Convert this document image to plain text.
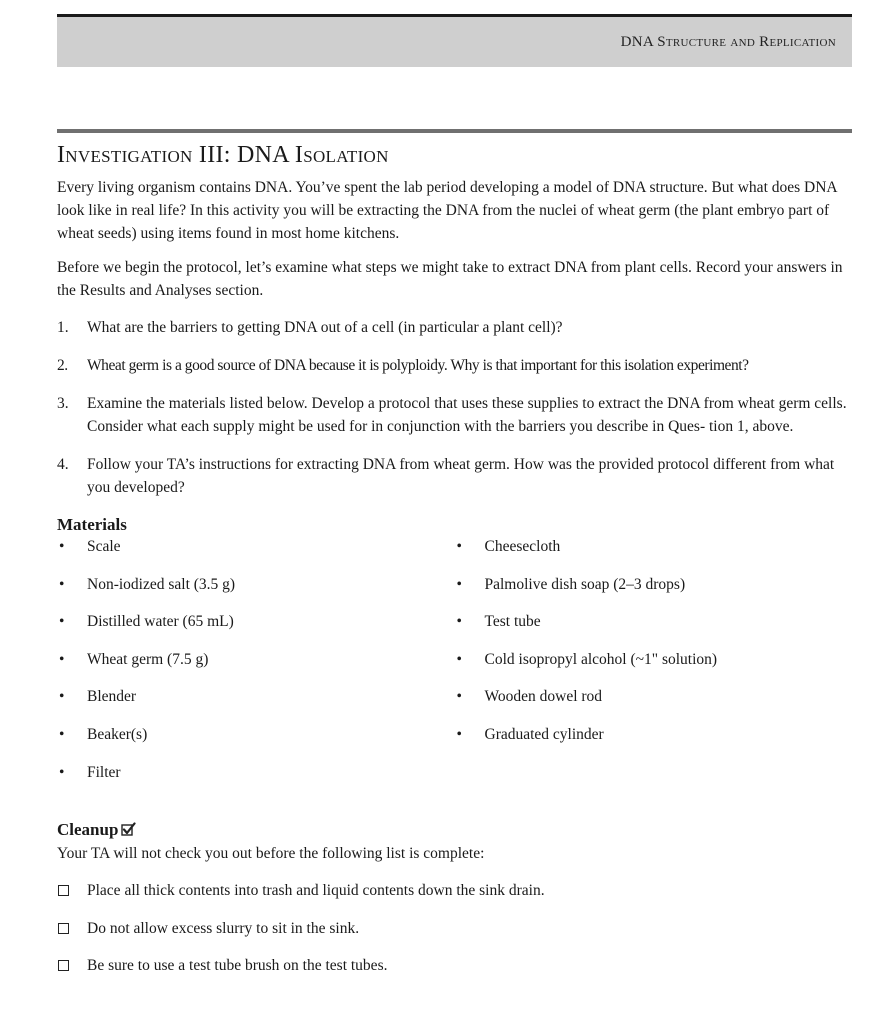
DNA Structure and Replication
Investigation III: DNA Isolation

Every living organism contains DNA. You’ve spent the lab period developing a model of DNA structure. But what does DNA look like in real life? In this activity you will be extracting the DNA from the nuclei of wheat germ (the plant embryo part of wheat seeds) using items found in most home kitchens.

Before we begin the protocol, let’s examine what steps we might take to extract DNA from plant cells. Record your answers in the Results and Analyses section.

1. What are the barriers to getting DNA out of a cell (in particular a plant cell)?
2. Wheat germ is a good source of DNA because it is polyploidy. Why is that important for this isolation experiment?
3. Examine the materials listed below. Develop a protocol that uses these supplies to extract the DNA from wheat germ cells. Consider what each supply might be used for in conjunction with the barriers you describe in Ques- tion 1, above.
4. Follow your TA’s instructions for extracting DNA from wheat germ. How was the provided protocol different from what you developed?
Materials
• Scale
• Non-iodized salt (3.5 g)
• Distilled water (65 mL)
• Wheat germ (7.5 g)
• Blender
• Beaker(s)
• Filter
• Cheesecloth
• Palmolive dish soap (2–3 drops)
• Test tube
• Cold isopropyl alcohol (~1" solution)
• Wooden dowel rod
• Graduated cylinder
Cleanup

Your TA will not check you out before the following list is complete:

Place all thick contents into trash and liquid contents down the sink drain.
Do not allow excess slurry to sit in the sink.
Be sure to use a test tube brush on the test tubes.
